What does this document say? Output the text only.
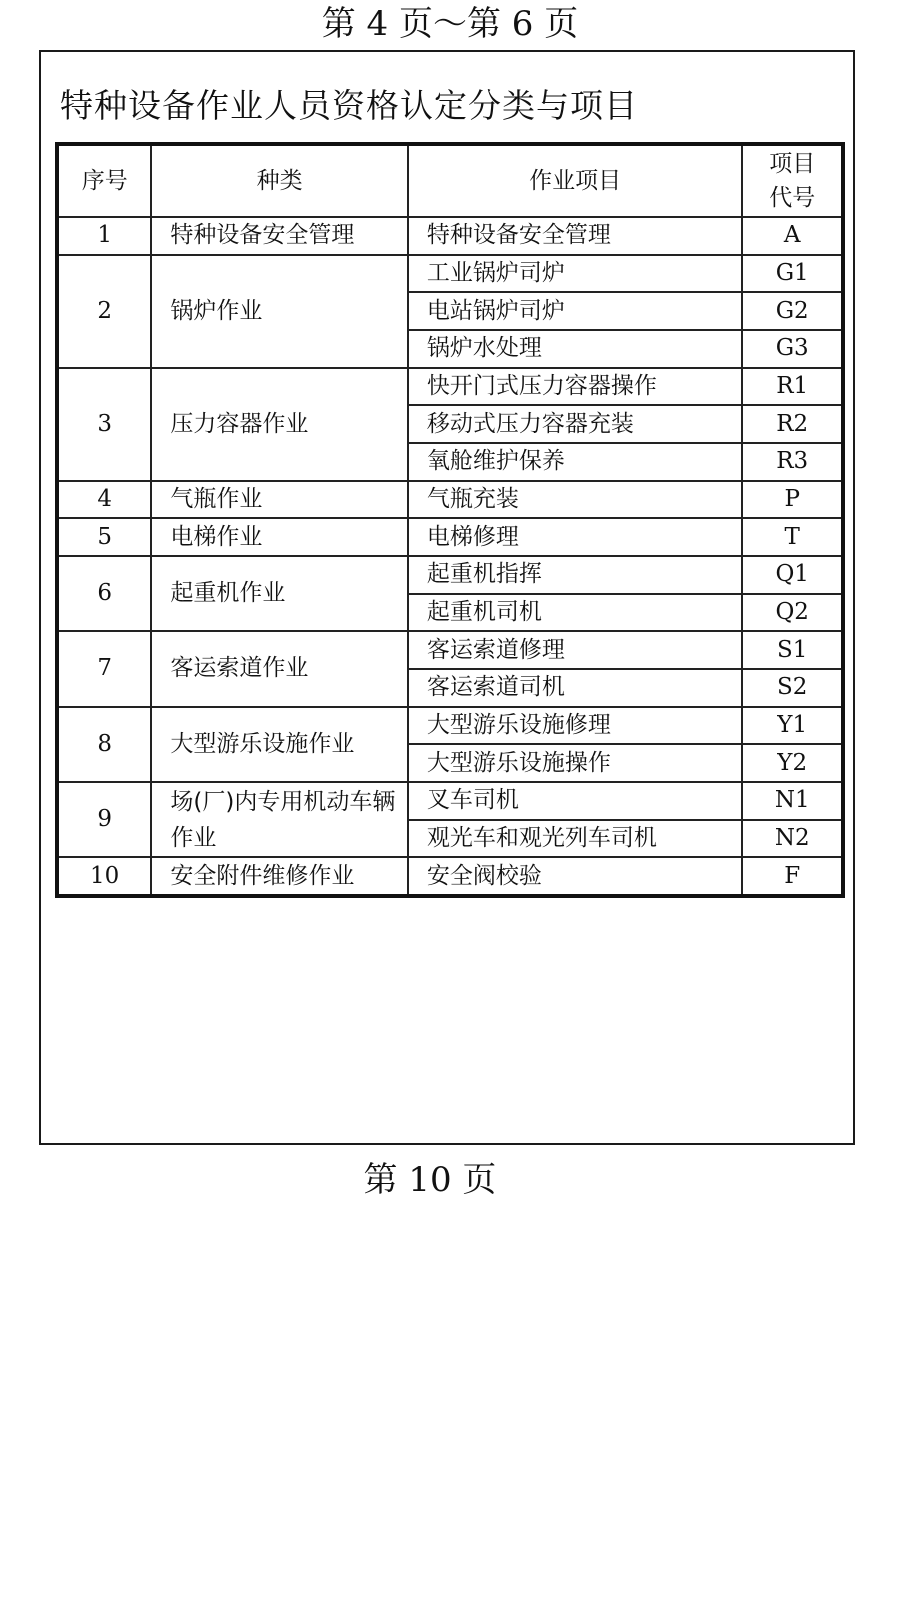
第 4 页～第 6 页
特种设备作业人员资格认定分类与项目
序号	种类	作业项目	项目
代号

1	特种设备安全管理	特种设备安全管理	A
2	锅炉作业	工业锅炉司炉	G1
		电站锅炉司炉	G2
		锅炉水处理	G3
3	压力容器作业	快开门式压力容器操作	R1
		移动式压力容器充装	R2
		氧舱维护保养	R3
4	气瓶作业	气瓶充装	P
5	电梯作业	电梯修理	T
6	起重机作业	起重机指挥	Q1
		起重机司机	Q2
7	客运索道作业	客运索道修理	S1
		客运索道司机	S2
8	大型游乐设施作业	大型游乐设施修理	Y1
		大型游乐设施操作	Y2
9	场(厂)内专用机动车辆作业	叉车司机	N1
		观光车和观光列车司机	N2
10	安全附件维修作业	安全阀校验	F
第 10 页
